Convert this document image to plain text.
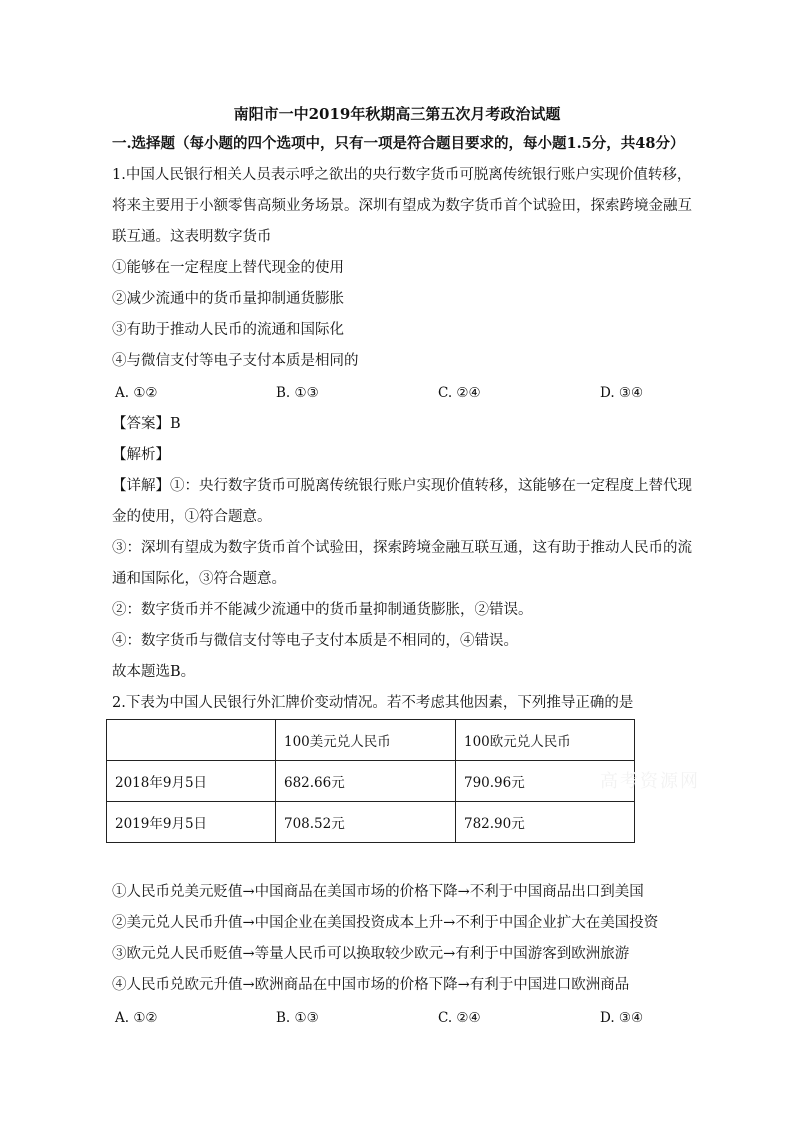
南阳市一中2019年秋期高三第五次月考政治试题
一.选择题（每小题的四个选项中，只有一项是符合题目要求的，每小题1.5分，共48分）
1.中国人民银行相关人员表示呼之欲出的央行数字货币可脱离传统银行账户实现价值转移，
将来主要用于小额零售高频业务场景。深圳有望成为数字货币首个试验田，探索跨境金融互
联互通。这表明数字货币
①能够在一定程度上替代现金的使用
②减少流通中的货币量抑制通货膨胀
③有助于推动人民币的流通和国际化
④与微信支付等电子支付本质是相同的
A. ①②	B. ①③	C. ②④	D. ③④
【答案】B
【解析】
【详解】①：央行数字货币可脱离传统银行账户实现价值转移，这能够在一定程度上替代现
金的使用，①符合题意。
③：深圳有望成为数字货币首个试验田，探索跨境金融互联互通，这有助于推动人民币的流
通和国际化，③符合题意。
②：数字货币并不能减少流通中的货币量抑制通货膨胀，②错误。
④：数字货币与微信支付等电子支付本质是不相同的，④错误。
故本题选B。
2.下表为中国人民银行外汇牌价变动情况。若不考虑其他因素，下列推导正确的是
	100美元兑人民币	100欧元兑人民币
2018年9月5日	682.66元	790.96元
2019年9月5日	708.52元	782.90元
高考资源网
①人民币兑美元贬值→中国商品在美国市场的价格下降→不利于中国商品出口到美国
②美元兑人民币升值→中国企业在美国投资成本上升→不利于中国企业扩大在美国投资
③欧元兑人民币贬值→等量人民币可以换取较少欧元→有利于中国游客到欧洲旅游
④人民币兑欧元升值→欧洲商品在中国市场的价格下降→有利于中国进口欧洲商品
A. ①②	B. ①③	C. ②④	D. ③④
